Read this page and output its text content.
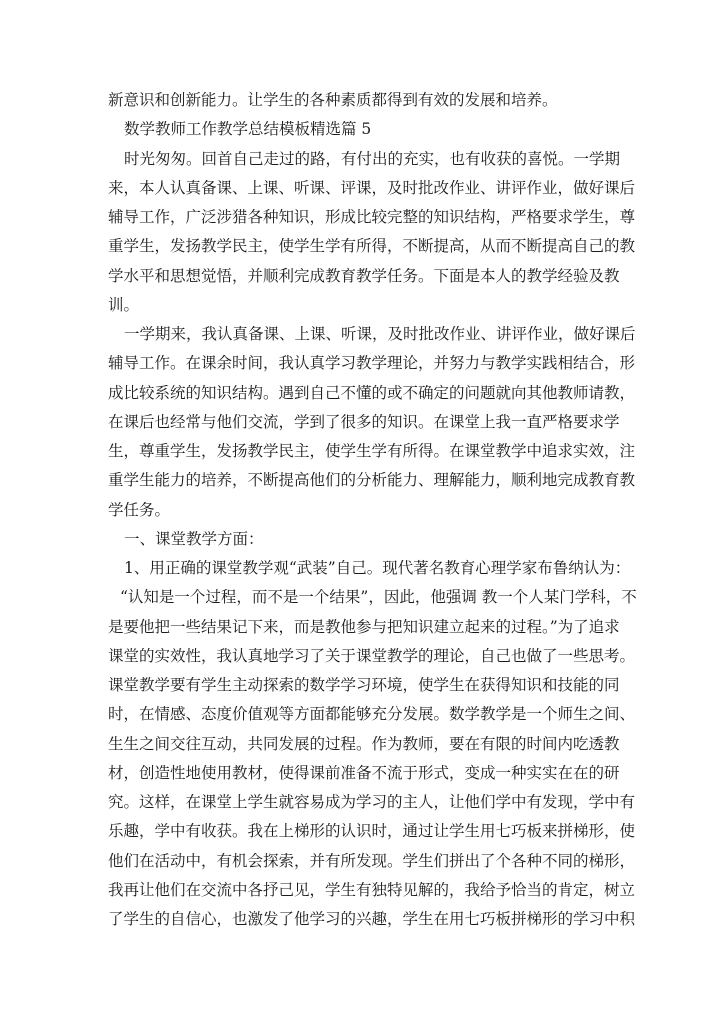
新意识和创新能力。让学生的各种素质都得到有效的发展和培养。
数学教师工作教学总结模板精选篇 5
时光匆匆。回首自己走过的路，有付出的充实，也有收获的喜悦。一学期
来，本人认真备课、上课、听课、评课，及时批改作业、讲评作业，做好课后
辅导工作，广泛涉猎各种知识，形成比较完整的知识结构，严格要求学生，尊
重学生，发扬教学民主，使学生学有所得，不断提高，从而不断提高自己的教
学水平和思想觉悟，并顺利完成教育教学任务。下面是本人的教学经验及教
训。
一学期来，我认真备课、上课、听课，及时批改作业、讲评作业，做好课后
辅导工作。在课余时间，我认真学习教学理论，并努力与教学实践相结合，形
成比较系统的知识结构。遇到自己不懂的或不确定的问题就向其他教师请教，
在课后也经常与他们交流，学到了很多的知识。在课堂上我一直严格要求学
生，尊重学生，发扬教学民主，使学生学有所得。在课堂教学中追求实效，注
重学生能力的培养，不断提高他们的分析能力、理解能力，顺利地完成教育教
学任务。
一、课堂教学方面：
1、用正确的课堂教学观“武装”自己。现代著名教育心理学家布鲁纳认为：
“认知是一个过程，而不是一个结果”，因此，他强调 教一个人某门学科，不
是要他把一些结果记下来，而是教他参与把知识建立起来的过程。”为了追求
课堂的实效性，我认真地学习了关于课堂教学的理论，自己也做了一些思考。
课堂教学要有学生主动探索的数学学习环境，使学生在获得知识和技能的同
时，在情感、态度价值观等方面都能够充分发展。数学教学是一个师生之间、
生生之间交往互动，共同发展的过程。作为教师，要在有限的时间内吃透教
材，创造性地使用教材，使得课前准备不流于形式，变成一种实实在在的研
究。这样，在课堂上学生就容易成为学习的主人，让他们学中有发现，学中有
乐趣，学中有收获。我在上梯形的认识时，通过让学生用七巧板来拼梯形，使
他们在活动中，有机会探索，并有所发现。学生们拼出了个各种不同的梯形，
我再让他们在交流中各抒己见，学生有独特见解的，我给予恰当的肯定，树立
了学生的自信心，也激发了他学习的兴趣，学生在用七巧板拼梯形的学习中积
